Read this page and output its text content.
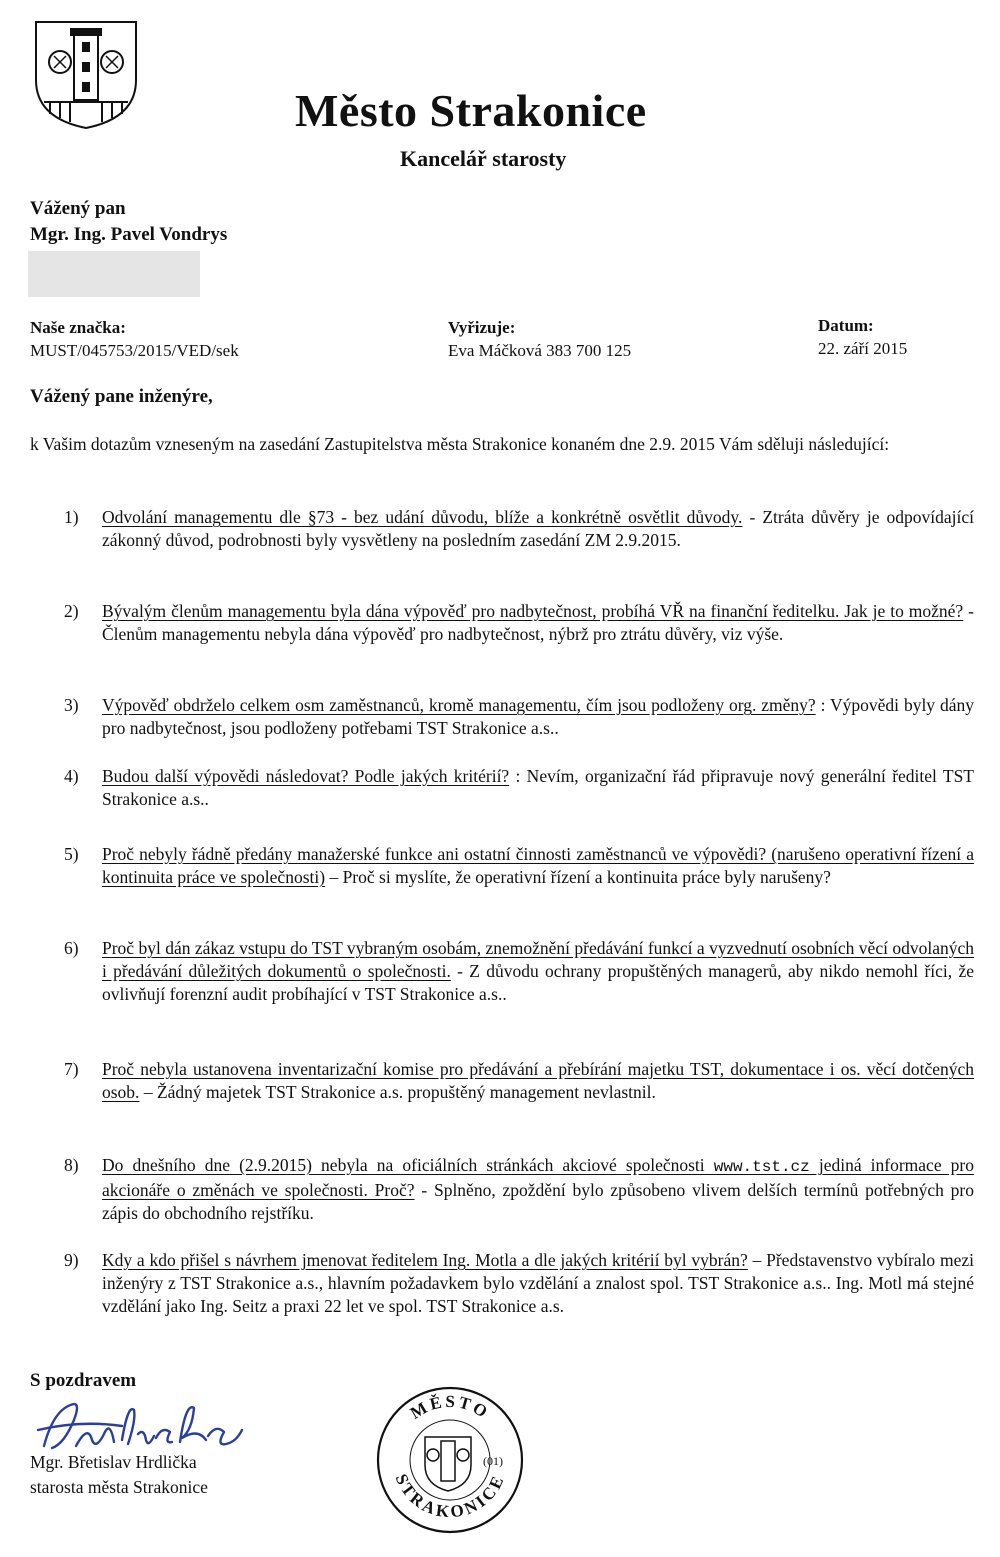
Město Strakonice
Kancelář starosty
Vážený pan
Mgr. Ing. Pavel Vondrys
Naše značka:
MUST/045753/2015/VED/sek
Vyřizuje:
Eva Máčková 383 700 125
Datum:
22. září 2015
Vážený pane inženýre,
k Vašim dotazům vzneseným na zasedání Zastupitelstva města Strakonice konaném dne 2.9. 2015 Vám sděluji následující:
1)	Odvolání managementu dle §73 - bez udání důvodu, blíže a konkrétně osvětlit důvody. - Ztráta důvěry je odpovídající zákonný důvod, podrobnosti byly vysvětleny na posledním zasedání ZM 2.9.2015.
2)	Bývalým členům managementu byla dána výpověď pro nadbytečnost, probíhá VŘ na finanční ředitelku. Jak je to možné? - Členům managementu nebyla dána výpověď pro nadbytečnost, nýbrž pro ztrátu důvěry, viz výše.
3)	Výpověď obdrželo celkem osm zaměstnanců, kromě managementu, čím jsou podloženy org. změny? : Výpovědi byly dány pro nadbytečnost, jsou podloženy potřebami TST Strakonice a.s..
4)	Budou další výpovědi následovat? Podle jakých kritérií? : Nevím, organizační řád připravuje nový generální ředitel TST Strakonice a.s..
5)	Proč nebyly řádně předány manažerské funkce ani ostatní činnosti zaměstnanců ve výpovědi? (narušeno operativní řízení a kontinuita práce ve společnosti) – Proč si myslíte, že operativní řízení a kontinuita práce byly narušeny?
6)	Proč byl dán zákaz vstupu do TST vybraným osobám, znemožnění předávání funkcí a vyzvednutí osobních věcí odvolaných i předávání důležitých dokumentů o společnosti. - Z důvodu ochrany propuštěných managerů, aby nikdo nemohl říci, že ovlivňují forenzní audit probíhající v TST Strakonice a.s..
7)	Proč nebyla ustanovena inventarizační komise pro předávání a přebírání majetku TST, dokumentace i os. věcí dotčených osob. – Žádný majetek TST Strakonice a.s. propuštěný management nevlastnil.
8)	Do dnešního dne (2.9.2015) nebyla na oficiálních stránkách akciové společnosti www.tst.cz jediná informace pro akcionáře o změnách ve společnosti. Proč? - Splněno, zpoždění bylo způsobeno vlivem delších termínů potřebných pro zápis do obchodního rejstříku.
9)	Kdy a kdo přišel s návrhem jmenovat ředitelem Ing. Motla a dle jakých kritérií byl vybrán? – Představenstvo vybíralo mezi inženýry z TST Strakonice a.s., hlavním požadavkem bylo vzdělání a znalost spol. TST Strakonice a.s.. Ing. Motl má stejné vzdělání jako Ing. Seitz a praxi 22 let ve spol. TST Strakonice a.s.
S pozdravem
Mgr. Břetislav Hrdlička
starosta města Strakonice
MĚSTO
STRAKONICE
(01)
